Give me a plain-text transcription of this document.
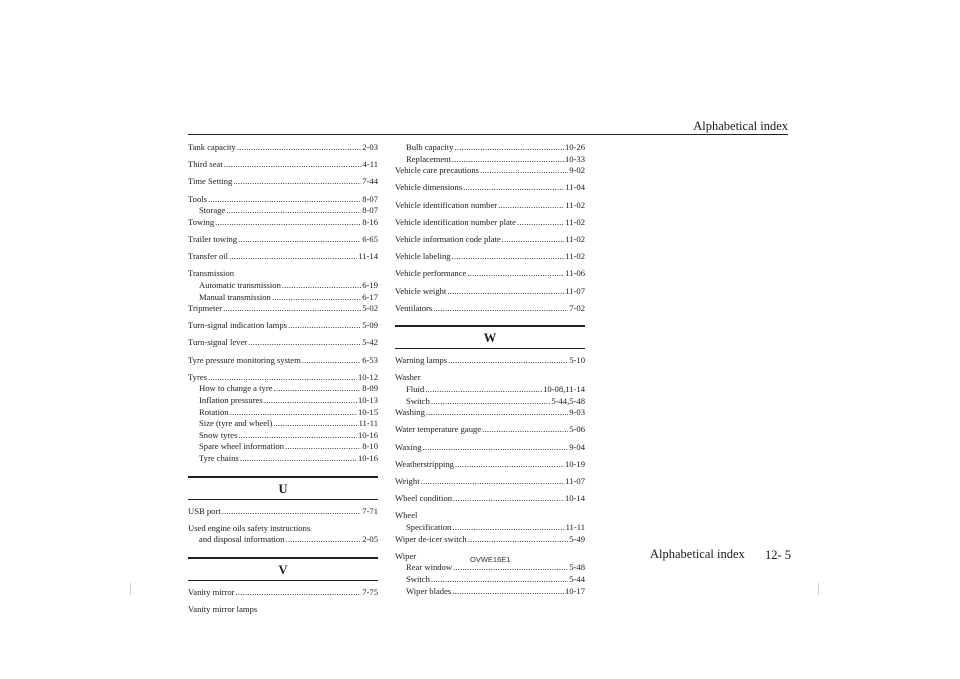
Alphabetical index
Tank capacity .....	2-03
Third seat .....	4-11
Time Setting .....	7-44
Tools .....	8-07
Storage .....	8-07
Towing .....	8-16
Trailer towing .....	6-65
Transfer oil .....	11-14
Transmission
Automatic transmission .....	6-19
Manual transmission .....	6-17
Tripmeter .....	5-02
Turn-signal indication lamps .....	5-09
Turn-signal lever .....	5-42
Tyre pressure monitoring system .....	6-53
Tyres .....	10-12
How to change a tyre .....	8-09
Inflation pressures .....	10-13
Rotation .....	10-15
Size (tyre and wheel) .....	11-11
Snow tyres .....	10-16
Spare wheel information .....	8-10
Tyre chains .....	10-16
U
USB port .....	7-71
Used engine oils safety instructions
and disposal information .....	2-05
V
Vanity mirror .....	7-75
Vanity mirror lamps
Bulb capacity .....	10-26
Replacement .....	10-33
Vehicle care precautions .....	9-02
Vehicle dimensions .....	11-04
Vehicle identification number .....	11-02
Vehicle identification number plate .....	11-02
Vehicle information code plate .....	11-02
Vehicle labeling .....	11-02
Vehicle performance .....	11-06
Vehicle weight .....	11-07
Ventilators .....	7-02
W
Warning lamps .....	5-10
Washer
Fluid .....	10-08,11-14
Switch .....	5-44,5-48
Washing .....	9-03
Water temperature gauge .....	5-06
Waxing .....	9-04
Weatherstripping .....	10-19
Weight .....	11-07
Wheel condition .....	10-14
Wheel
Specification .....	11-11
Wiper de-icer switch .....	5-49
Wiper
Rear window .....	5-48
Switch .....	5-44
Wiper blades .....	10-17
OVWE16E1	Alphabetical index 12- 5
